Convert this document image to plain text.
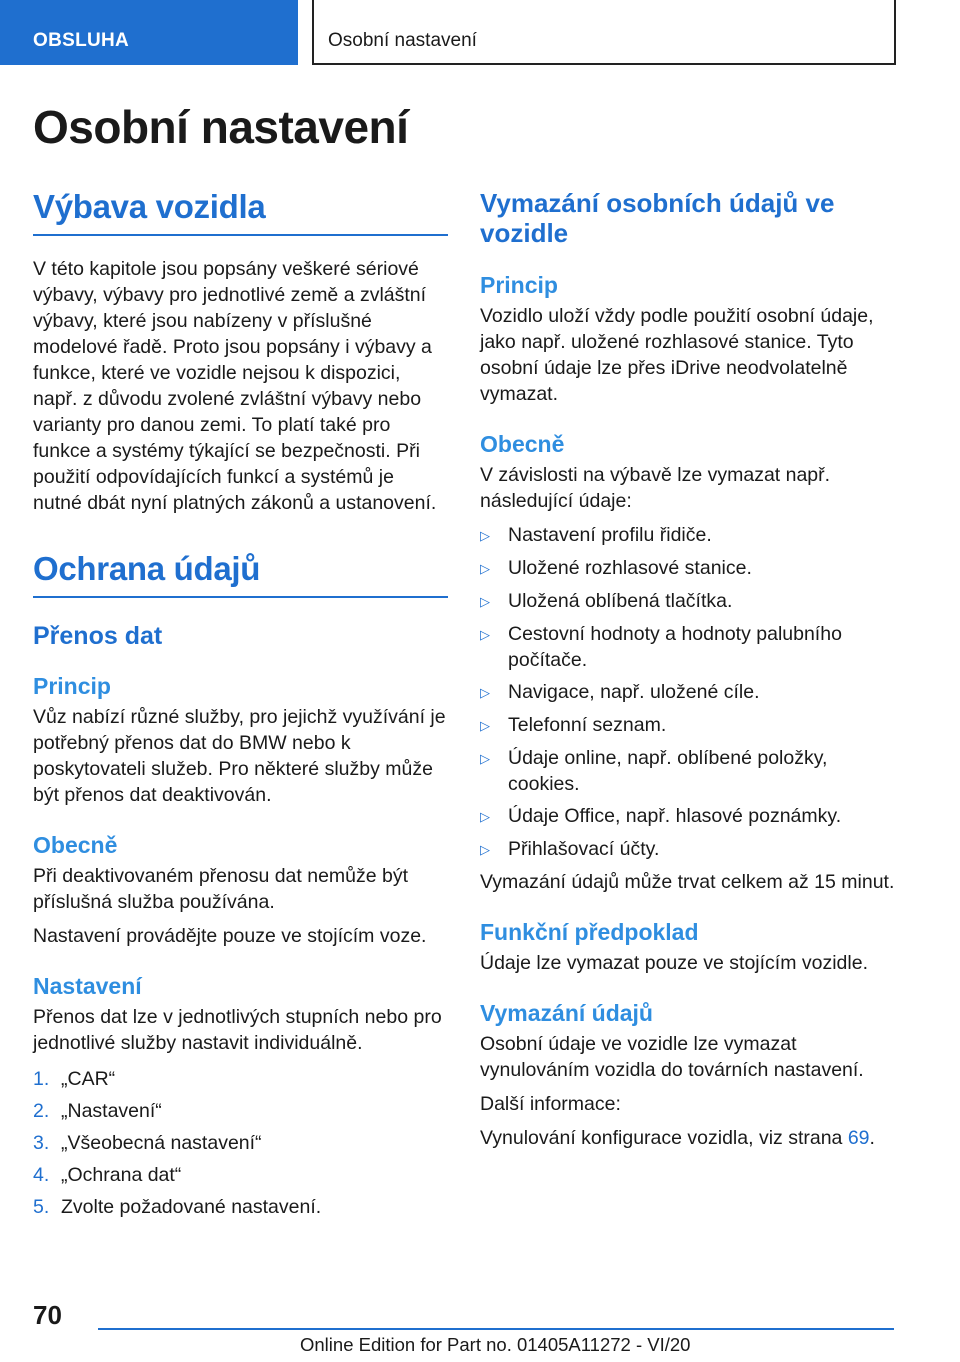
OBSLUHA	Osobní nastavení
Osobní nastavení
Výbava vozidla

V této kapitole jsou popsány veškeré sériové výbavy, výbavy pro jednotlivé země a zvláštní výbavy, které jsou nabízeny v příslušné modelové řadě. Proto jsou popsány i výbavy a funkce, které ve vozidle nejsou k dispozici, např. z důvodu zvolené zvláštní výbavy nebo varianty pro danou zemi. To platí také pro funkce a systémy týkající se bezpečnosti. Při použití odpovídajících funkcí a systémů je nutné dbát nyní platných zákonů a ustanovení.

Ochrana údajů
Přenos dat
Princip

Vůz nabízí různé služby, pro jejichž využívání je potřebný přenos dat do BMW nebo k poskytovateli služeb. Pro některé služby může být přenos dat deaktivován.

Obecně

Při deaktivovaném přenosu dat nemůže být příslušná služba používána.

Nastavení provádějte pouze ve stojícím voze.

Nastavení

Přenos dat lze v jednotlivých stupních nebo pro jednotlivé služby nastavit individuálně.

1. „CAR“
2. „Nastavení“
3. „Všeobecná nastavení“
4. „Ochrana dat“
5. Zvolte požadované nastavení.
Vymazání osobních údajů ve vozidle
Princip

Vozidlo uloží vždy podle použití osobní údaje, jako např. uložené rozhlasové stanice. Tyto osobní údaje lze přes iDrive neodvolatelně vymazat.

Obecně

V závislosti na výbavě lze vymazat např. následující údaje:

▷ Nastavení profilu řidiče.
▷ Uložené rozhlasové stanice.
▷ Uložená oblíbená tlačítka.
▷ Cestovní hodnoty a hodnoty palubního počítače.
▷ Navigace, např. uložené cíle.
▷ Telefonní seznam.
▷ Údaje online, např. oblíbené položky, cookies.
▷ Údaje Office, např. hlasové poznámky.
▷ Přihlašovací účty.

Vymazání údajů může trvat celkem až 15 minut.

Funkční předpoklad

Údaje lze vymazat pouze ve stojícím vozidle.

Vymazání údajů

Osobní údaje ve vozidle lze vymazat vynulováním vozidla do továrních nastavení.

Další informace:

Vynulování konfigurace vozidla, viz strana 69.

70
Online Edition for Part no. 01405A11272 - VI/20
